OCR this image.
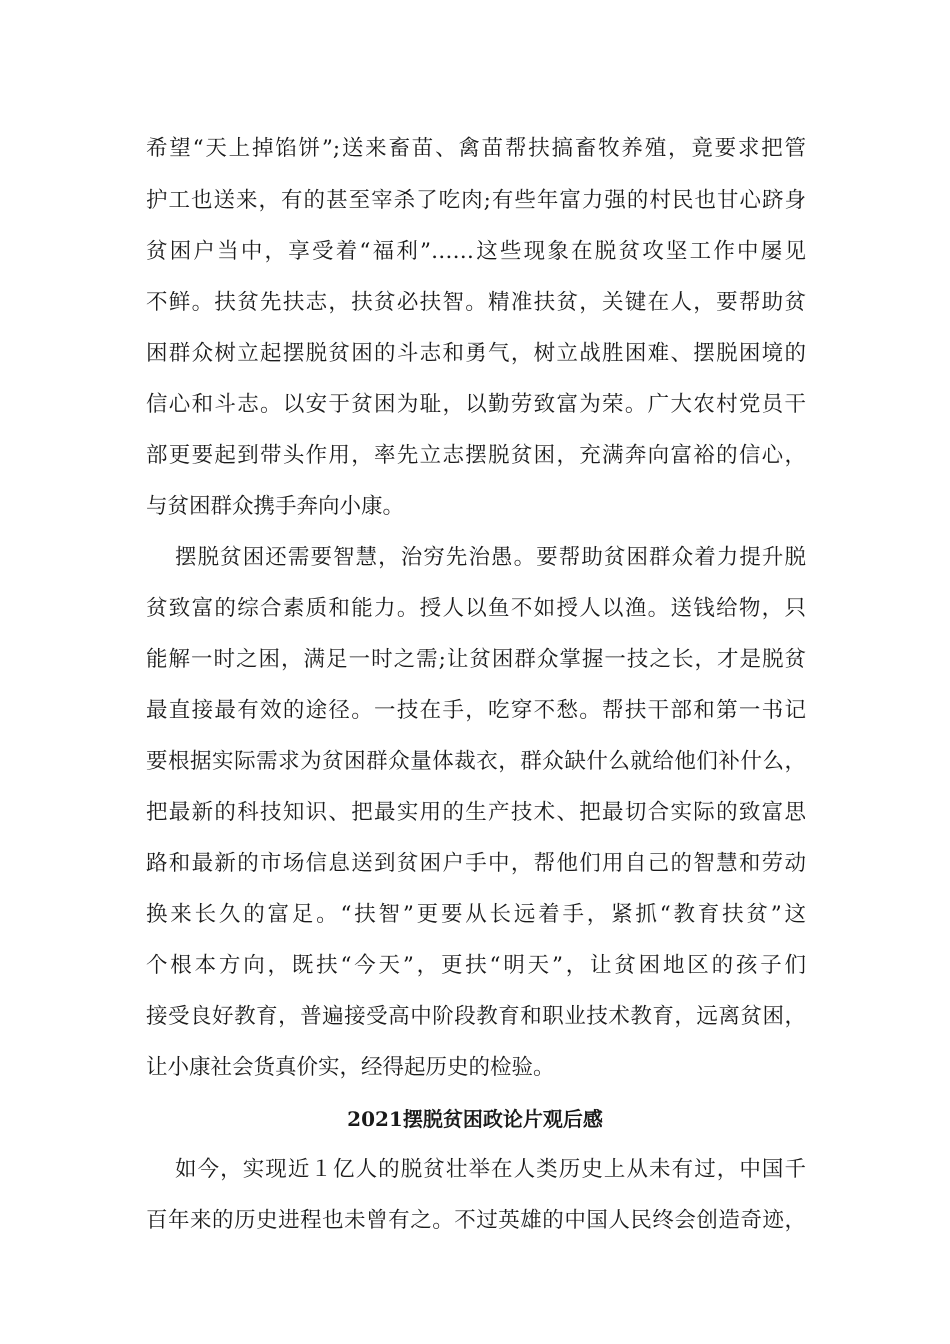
希望“天上掉馅饼”;送来畜苗、禽苗帮扶搞畜牧养殖，竟要求把管
护工也送来，有的甚至宰杀了吃肉;有些年富力强的村民也甘心跻身
贫困户当中，享受着“福利”……这些现象在脱贫攻坚工作中屡见
不鲜。扶贫先扶志，扶贫必扶智。精准扶贫，关键在人，要帮助贫
困群众树立起摆脱贫困的斗志和勇气，树立战胜困难、摆脱困境的
信心和斗志。以安于贫困为耻，以勤劳致富为荣。广大农村党员干
部更要起到带头作用，率先立志摆脱贫困，充满奔向富裕的信心，
与贫困群众携手奔向小康。
摆脱贫困还需要智慧，治穷先治愚。要帮助贫困群众着力提升脱
贫致富的综合素质和能力。授人以鱼不如授人以渔。送钱给物，只
能解一时之困，满足一时之需;让贫困群众掌握一技之长，才是脱贫
最直接最有效的途径。一技在手，吃穿不愁。帮扶干部和第一书记
要根据实际需求为贫困群众量体裁衣，群众缺什么就给他们补什么，
把最新的科技知识、把最实用的生产技术、把最切合实际的致富思
路和最新的市场信息送到贫困户手中，帮他们用自己的智慧和劳动
换来长久的富足。“扶智”更要从长远着手，紧抓“教育扶贫”这
个根本方向，既扶“今天”，更扶“明天”，让贫困地区的孩子们
接受良好教育，普遍接受高中阶段教育和职业技术教育，远离贫困，
让小康社会货真价实，经得起历史的检验。
2021摆脱贫困政论片观后感
如今，实现近１亿人的脱贫壮举在人类历史上从未有过，中国千
百年来的历史进程也未曾有之。不过英雄的中国人民终会创造奇迹，
